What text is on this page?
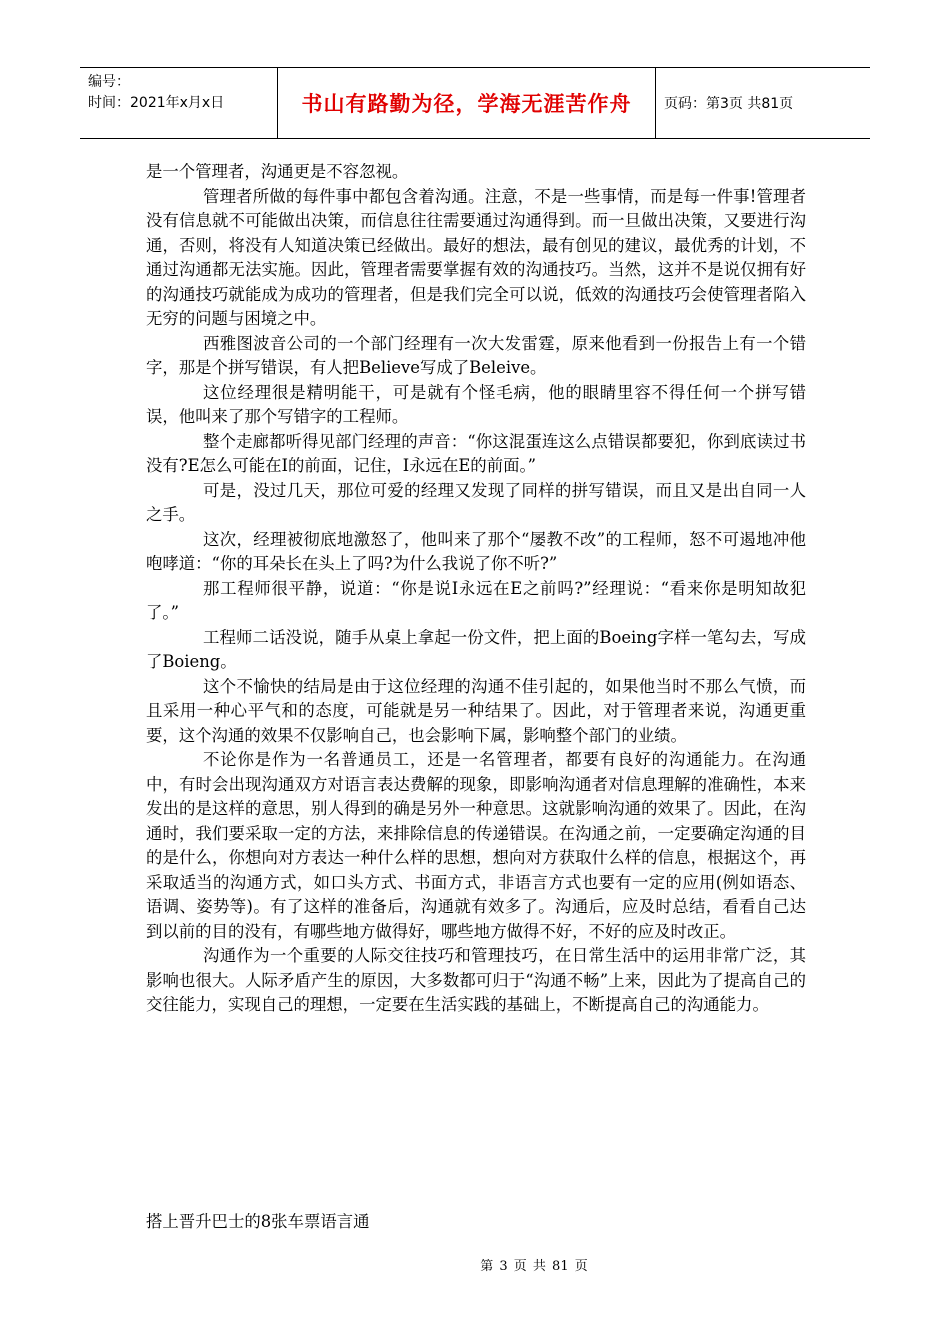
编号：
时间：2021年x月x日	书山有路勤为径，学海无涯苦作舟	页码：第3页 共81页

是一个管理者，沟通更是不容忽视。

管理者所做的每件事中都包含着沟通。注意，不是一些事情，而是每一件事!管理者没有信息就不可能做出决策，而信息往往需要通过沟通得到。而一旦做出决策，又要进行沟通，否则，将没有人知道决策已经做出。最好的想法，最有创见的建议，最优秀的计划，不通过沟通都无法实施。因此，管理者需要掌握有效的沟通技巧。当然，这并不是说仅拥有好的沟通技巧就能成为成功的管理者，但是我们完全可以说，低效的沟通技巧会使管理者陷入无穷的问题与困境之中。

西雅图波音公司的一个部门经理有一次大发雷霆，原来他看到一份报告上有一个错字，那是个拼写错误，有人把Believe写成了Beleive。

这位经理很是精明能干，可是就有个怪毛病，他的眼睛里容不得任何一个拼写错误，他叫来了那个写错字的工程师。

整个走廊都听得见部门经理的声音：“你这混蛋连这么点错误都要犯，你到底读过书没有?E怎么可能在I的前面，记住，I永远在E的前面。”

可是，没过几天，那位可爱的经理又发现了同样的拼写错误，而且又是出自同一人之手。

这次，经理被彻底地激怒了，他叫来了那个“屡教不改”的工程师，怒不可遏地冲他咆哮道：“你的耳朵长在头上了吗?为什么我说了你不听?”

那工程师很平静，说道：“你是说I永远在E之前吗?”经理说：“看来你是明知故犯了。”

工程师二话没说，随手从桌上拿起一份文件，把上面的Boeing字样一笔勾去，写成了Boieng。

这个不愉快的结局是由于这位经理的沟通不佳引起的，如果他当时不那么气愤，而且采用一种心平气和的态度，可能就是另一种结果了。因此，对于管理者来说，沟通更重要，这个沟通的效果不仅影响自己，也会影响下属，影响整个部门的业绩。

不论你是作为一名普通员工，还是一名管理者，都要有良好的沟通能力。在沟通中，有时会出现沟通双方对语言表达费解的现象，即影响沟通者对信息理解的准确性，本来发出的是这样的意思，别人得到的确是另外一种意思。这就影响沟通的效果了。因此，在沟通时，我们要采取一定的方法，来排除信息的传递错误。在沟通之前，一定要确定沟通的目的是什么，你想向对方表达一种什么样的思想，想向对方获取什么样的信息，根据这个，再采取适当的沟通方式，如口头方式、书面方式，非语言方式也要有一定的应用(例如语态、语调、姿势等)。有了这样的准备后，沟通就有效多了。沟通后，应及时总结，看看自己达到以前的目的没有，有哪些地方做得好，哪些地方做得不好，不好的应及时改正。

沟通作为一个重要的人际交往技巧和管理技巧，在日常生活中的运用非常广泛，其影响也很大。人际矛盾产生的原因，大多数都可归于“沟通不畅”上来，因此为了提高自己的交往能力，实现自己的理想，一定要在生活实践的基础上，不断提高自己的沟通能力。

搭上晋升巴士的8张车票语言通
第 3 页 共 81 页
